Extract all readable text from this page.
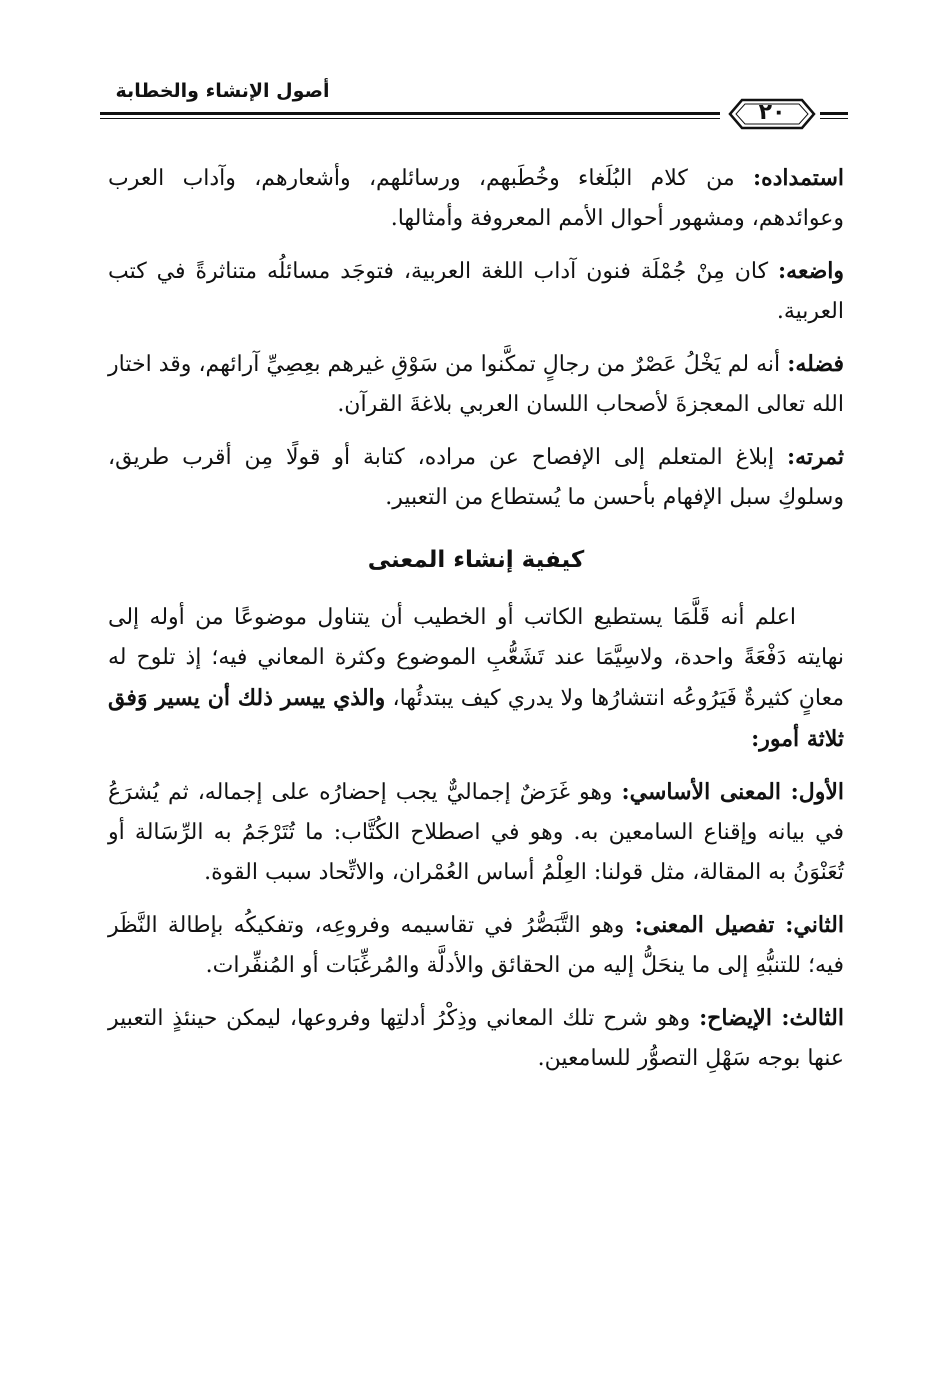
أصول الإنشاء والخطابة
٢٠

استمداده: من كلام البُلَغاء وخُطَبهم، ورسائلهم، وأشعارهم، وآداب العرب وعوائدهم، ومشهور أحوال الأمم المعروفة وأمثالها.

واضعه: كان مِنْ جُمْلَة فنون آداب اللغة العربية، فتوجَد مسائلُه متناثرةً في كتب العربية.

فضله: أنه لم يَخْلُ عَصْرٌ من رجالٍ تمكَّنوا من سَوْقِ غيرهم بعِصِيِّ آرائهم، وقد اختار الله تعالى المعجزةَ لأصحاب اللسان العربي بلاغةَ القرآن.

ثمرته: إبلاغ المتعلم إلى الإفصاح عن مراده، كتابة أو قولًا مِن أقرب طريق، وسلوكِ سبل الإفهام بأحسن ما يُستطاع من التعبير.

كيفية إنشاء المعنى

اعلم أنه قَلَّمَا يستطيع الكاتب أو الخطيب أن يتناول موضوعًا من أوله إلى نهايته دَفْعَةً واحدة، ولاسِيَّمَا عند تَشَعُّبِ الموضوع وكثرة المعاني فيه؛ إذ تلوح له معانٍ كثيرةٌ فَيَرُوعُه انتشارُها ولا يدري كيف يبتدئُها، والذي ييسر ذلك أن يسير وَفق ثلاثة أمور:

الأول: المعنى الأساسي: وهو غَرَضٌ إجماليٌّ يجب إحضارُه على إجماله، ثم يُشرَعُ في بيانه وإقناع السامعين به. وهو في اصطلاح الكُتَّاب: ما تُتَرْجَمُ به الرِّسَالة أو تُعَنْوَنُ به المقالة، مثل قولنا: العِلْمُ أساس العُمْران، والاتِّحاد سبب القوة.

الثاني: تفصيل المعنى: وهو التَّبَصُّرُ في تقاسيمه وفروعِه، وتفكيكُه بإطالة النَّظَر فيه؛ للتنبُّهِ إلى ما ينحَلُّ إليه من الحقائق والأدلَّة والمُرغِّبَات أو المُنفِّرات.

الثالث: الإيضاح: وهو شرح تلك المعاني وذِكْرُ أدلتِها وفروعها، ليمكن حينئذٍ التعبير عنها بوجه سَهْلِ التصوُّر للسامعين.
